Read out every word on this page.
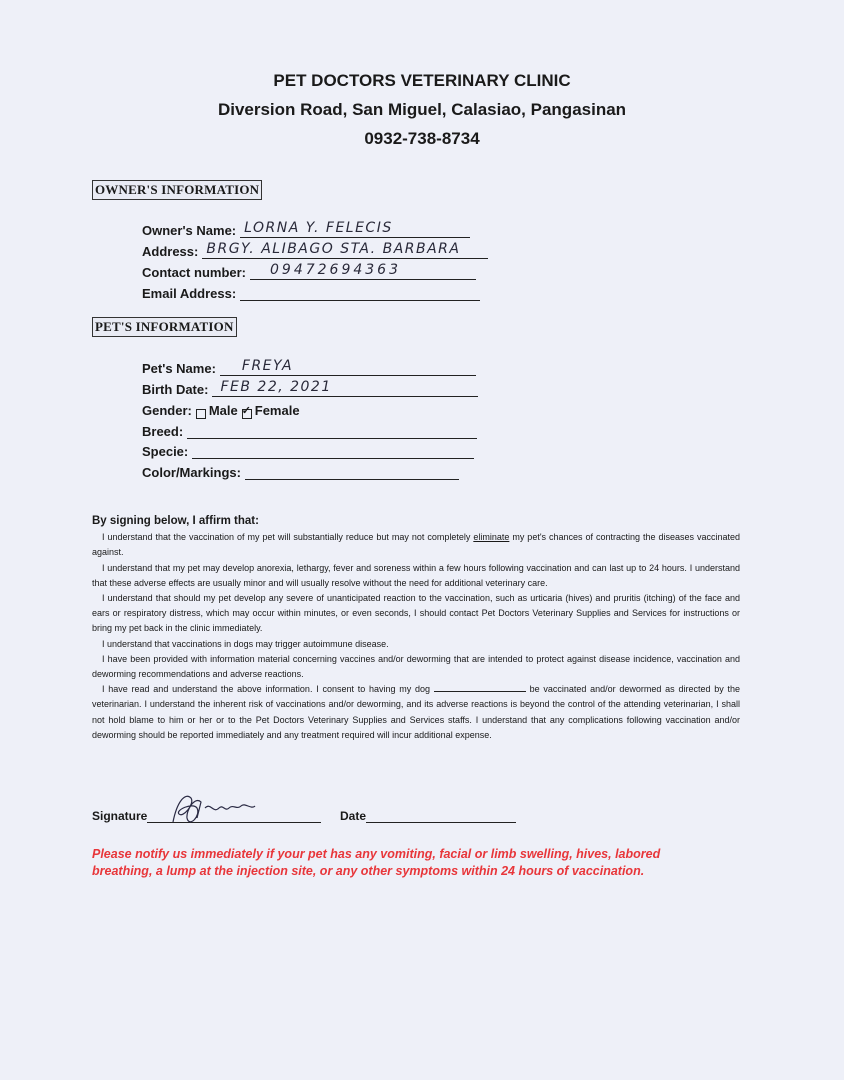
PET DOCTORS VETERINARY CLINIC
Diversion Road, San Miguel, Calasiao, Pangasinan
0932-738-8734
OWNER'S INFORMATION
Owner's Name: LORNA Y. FELECIS
Address: BRGY. ALIBAGO STA. BARBARA
Contact number: 09472694363
Email Address:
PET'S INFORMATION
Pet's Name: FREYA
Birth Date: FEB 22, 2021
Gender: Male
✓ Female
Breed:
Specie:
Color/Markings:
By signing below, I affirm that:

I understand that the vaccination of my pet will substantially reduce but may not completely eliminate my pet's chances of contracting the diseases vaccinated against.

I understand that my pet may develop anorexia, lethargy, fever and soreness within a few hours following vaccination and can last up to 24 hours. I understand that these adverse effects are usually minor and will usually resolve without the need for additional veterinary care.

I understand that should my pet develop any severe of unanticipated reaction to the vaccination, such as urticaria (hives) and pruritis (itching) of the face and ears or respiratory distress, which may occur within minutes, or even seconds, I should contact Pet Doctors Veterinary Supplies and Services for instructions or bring my pet back in the clinic immediately.

I understand that vaccinations in dogs may trigger autoimmune disease.

I have been provided with information material concerning vaccines and/or deworming that are intended to protect against disease incidence, vaccination and deworming recommendations and adverse reactions.

I have read and understand the above information. I consent to having my dog	be vaccinated and/or dewormed as directed by the veterinarian. I understand the inherent risk of vaccinations and/or deworming, and its adverse reactions is beyond the control of the attending veterinarian, I shall not hold blame to him or her or to the Pet Doctors Veterinary Supplies and Services staffs. I understand that any complications following vaccination and/or deworming should be reported immediately and any treatment required will incur additional expense.

Signature	Date
Please notify us immediately if your pet has any vomiting, facial or limb swelling, hives, labored breathing, a lump at the injection site, or any other symptoms within 24 hours of vaccination.
